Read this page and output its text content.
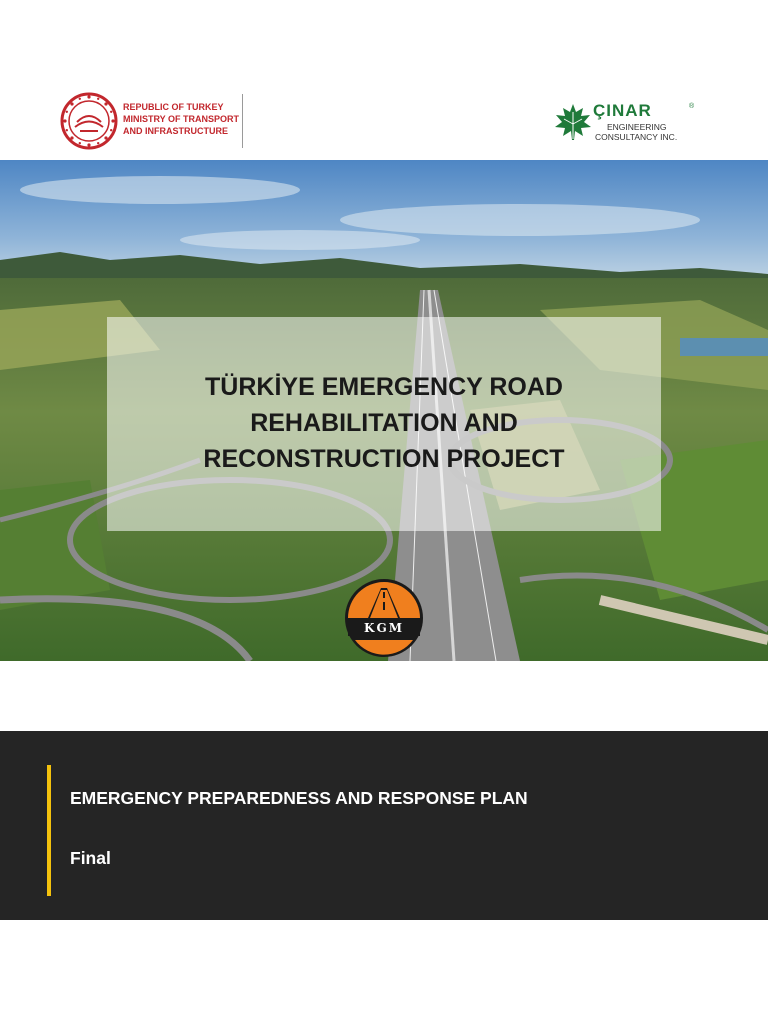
REPUBLIC OF TURKEY
MINISTRY OF TRANSPORT
AND INFRASTRUCTURE
ÇINAR	®
ENGINEERING
CONSULTANCY INC.
TÜRKİYE EMERGENCY ROAD
REHABILITATION AND
RECONSTRUCTION PROJECT
KGM
EMERGENCY PREPAREDNESS AND RESPONSE PLAN
Final
